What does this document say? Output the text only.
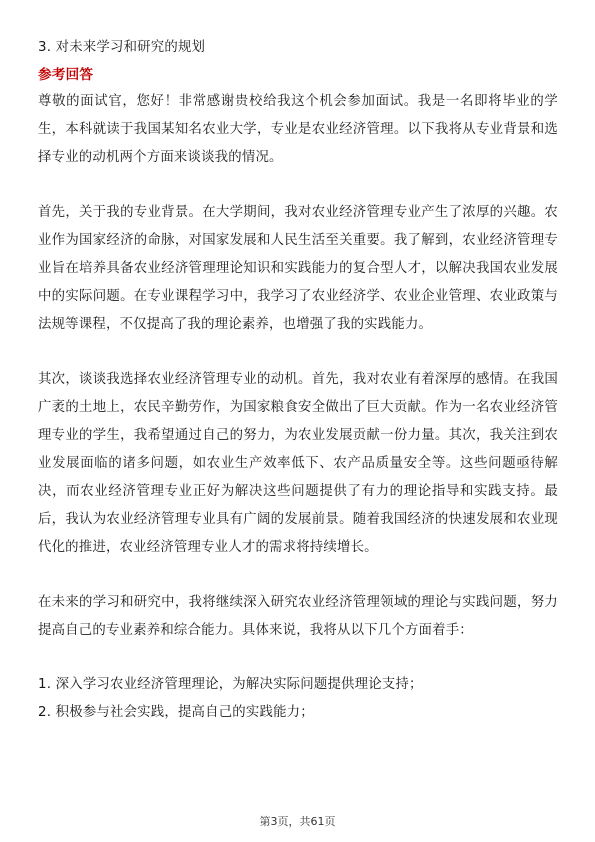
3. 对未来学习和研究的规划

参考回答

尊敬的面试官，您好！非常感谢贵校给我这个机会参加面试。我是一名即将毕业的学生，本科就读于我国某知名农业大学，专业是农业经济管理。以下我将从专业背景和选择专业的动机两个方面来谈谈我的情况。

首先，关于我的专业背景。在大学期间，我对农业经济管理专业产生了浓厚的兴趣。农业作为国家经济的命脉，对国家发展和人民生活至关重要。我了解到，农业经济管理专业旨在培养具备农业经济管理理论知识和实践能力的复合型人才，以解决我国农业发展中的实际问题。在专业课程学习中，我学习了农业经济学、农业企业管理、农业政策与法规等课程，不仅提高了我的理论素养，也增强了我的实践能力。

其次，谈谈我选择农业经济管理专业的动机。首先，我对农业有着深厚的感情。在我国广袤的土地上，农民辛勤劳作，为国家粮食安全做出了巨大贡献。作为一名农业经济管理专业的学生，我希望通过自己的努力，为农业发展贡献一份力量。其次，我关注到农业发展面临的诸多问题，如农业生产效率低下、农产品质量安全等。这些问题亟待解决，而农业经济管理专业正好为解决这些问题提供了有力的理论指导和实践支持。最后，我认为农业经济管理专业具有广阔的发展前景。随着我国经济的快速发展和农业现代化的推进，农业经济管理专业人才的需求将持续增长。

在未来的学习和研究中，我将继续深入研究农业经济管理领域的理论与实践问题，努力提高自己的专业素养和综合能力。具体来说，我将从以下几个方面着手：

1. 深入学习农业经济管理理论，为解决实际问题提供理论支持；

2. 积极参与社会实践，提高自己的实践能力；

第3页，共61页
